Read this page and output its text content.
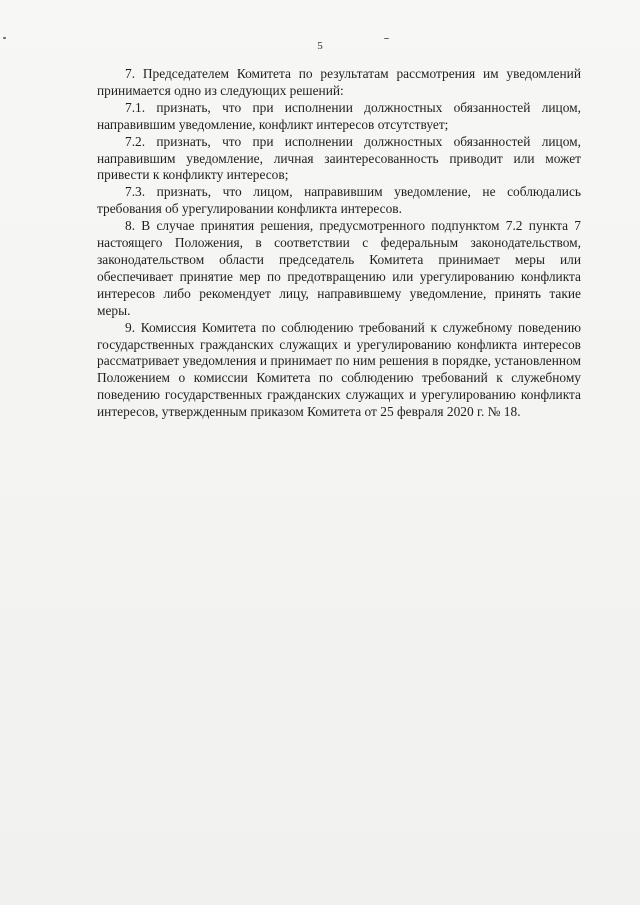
5

7. Председателем Комитета по результатам рассмотрения им уведомлений принимается одно из следующих решений:

7.1. признать, что при исполнении должностных обязанностей лицом, направившим уведомление, конфликт интересов отсутствует;

7.2. признать, что при исполнении должностных обязанностей лицом, направившим уведомление, личная заинтересованность приводит или может привести к конфликту интересов;

7.3. признать, что лицом, направившим уведомление, не соблюдались требования об урегулировании конфликта интересов.

8. В случае принятия решения, предусмотренного подпунктом 7.2 пункта 7 настоящего Положения, в соответствии с федеральным законодательством, законодательством области председатель Комитета принимает меры или обеспечивает принятие мер по предотвращению или урегулированию конфликта интересов либо рекомендует лицу, направившему уведомление, принять такие меры.

9. Комиссия Комитета по соблюдению требований к служебному поведению государственных гражданских служащих и урегулированию конфликта интересов рассматривает уведомления и принимает по ним решения в порядке, установленном Положением о комиссии Комитета по соблюдению требований к служебному поведению государственных гражданских служащих и урегулированию конфликта интересов, утвержденным приказом Комитета от 25 февраля 2020 г. № 18.
